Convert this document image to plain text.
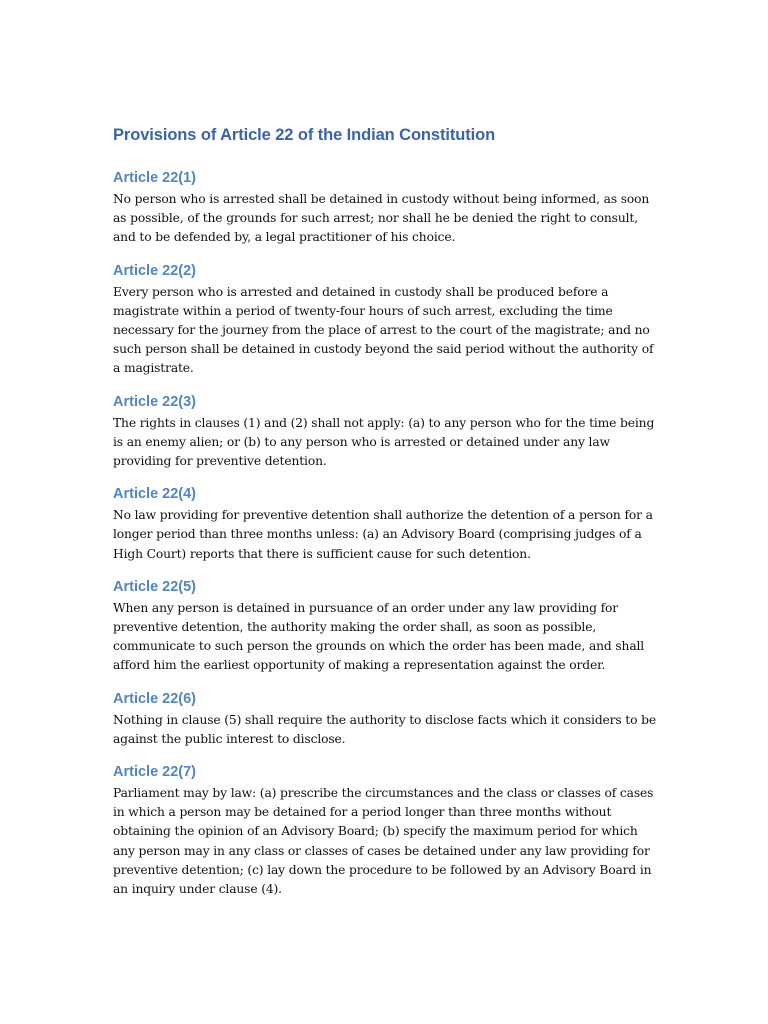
Provisions of Article 22 of the Indian Constitution
Article 22(1)

No person who is arrested shall be detained in custody without being informed, as soon as possible, of the grounds for such arrest; nor shall he be denied the right to consult, and to be defended by, a legal practitioner of his choice.

Article 22(2)

Every person who is arrested and detained in custody shall be produced before a magistrate within a period of twenty-four hours of such arrest, excluding the time necessary for the journey from the place of arrest to the court of the magistrate; and no such person shall be detained in custody beyond the said period without the authority of a magistrate.

Article 22(3)

The rights in clauses (1) and (2) shall not apply: (a) to any person who for the time being is an enemy alien; or (b) to any person who is arrested or detained under any law providing for preventive detention.

Article 22(4)

No law providing for preventive detention shall authorize the detention of a person for a longer period than three months unless: (a) an Advisory Board (comprising judges of a High Court) reports that there is sufficient cause for such detention.

Article 22(5)

When any person is detained in pursuance of an order under any law providing for preventive detention, the authority making the order shall, as soon as possible, communicate to such person the grounds on which the order has been made, and shall afford him the earliest opportunity of making a representation against the order.

Article 22(6)

Nothing in clause (5) shall require the authority to disclose facts which it considers to be against the public interest to disclose.

Article 22(7)

Parliament may by law: (a) prescribe the circumstances and the class or classes of cases in which a person may be detained for a period longer than three months without obtaining the opinion of an Advisory Board; (b) specify the maximum period for which any person may in any class or classes of cases be detained under any law providing for preventive detention; (c) lay down the procedure to be followed by an Advisory Board in an inquiry under clause (4).
